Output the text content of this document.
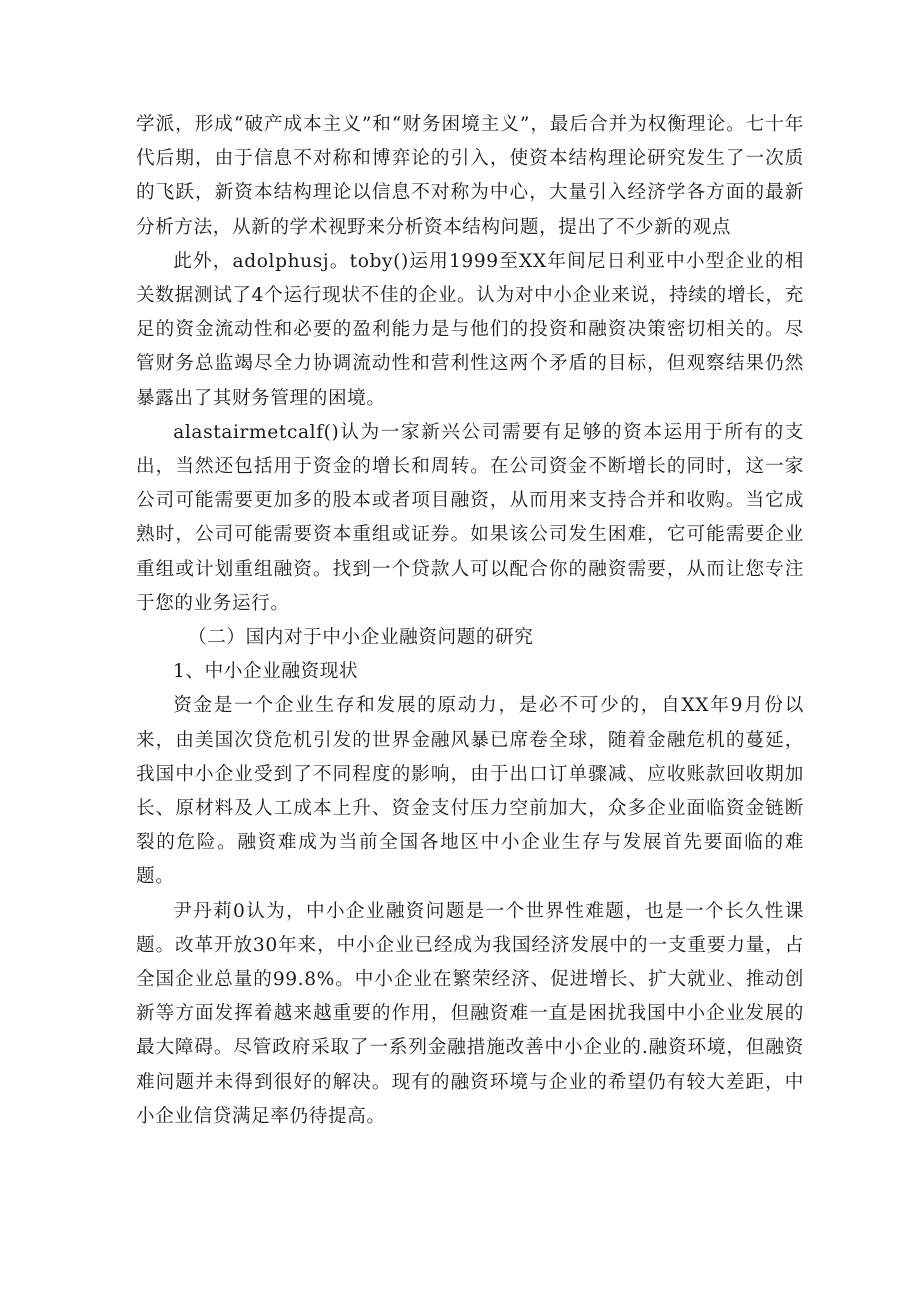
学派，形成“破产成本主义”和“财务困境主义”，最后合并为权衡理论。七十年代后期，由于信息不对称和博弈论的引入，使资本结构理论研究发生了一次质的飞跃，新资本结构理论以信息不对称为中心，大量引入经济学各方面的最新分析方法，从新的学术视野来分析资本结构问题，提出了不少新的观点

此外，adolphusj。toby()运用1999至XX年间尼日利亚中小型企业的相关数据测试了4个运行现状不佳的企业。认为对中小企业来说，持续的增长，充足的资金流动性和必要的盈利能力是与他们的投资和融资决策密切相关的。尽管财务总监竭尽全力协调流动性和营利性这两个矛盾的目标，但观察结果仍然暴露出了其财务管理的困境。

alastairmetcalf()认为一家新兴公司需要有足够的资本运用于所有的支出，当然还包括用于资金的增长和周转。在公司资金不断增长的同时，这一家公司可能需要更加多的股本或者项目融资，从而用来支持合并和收购。当它成熟时，公司可能需要资本重组或证券。如果该公司发生困难，它可能需要企业重组或计划重组融资。找到一个贷款人可以配合你的融资需要，从而让您专注于您的业务运行。

（二）国内对于中小企业融资问题的研究

1、中小企业融资现状

资金是一个企业生存和发展的原动力，是必不可少的，自XX年9月份以来，由美国次贷危机引发的世界金融风暴已席卷全球，随着金融危机的蔓延，我国中小企业受到了不同程度的影响，由于出口订单骤减、应收账款回收期加长、原材料及人工成本上升、资金支付压力空前加大，众多企业面临资金链断裂的危险。融资难成为当前全国各地区中小企业生存与发展首先要面临的难题。

尹丹莉0认为，中小企业融资问题是一个世界性难题，也是一个长久性课题。改革开放30年来，中小企业已经成为我国经济发展中的一支重要力量，占全国企业总量的99.8%。中小企业在繁荣经济、促进增长、扩大就业、推动创新等方面发挥着越来越重要的作用，但融资难一直是困扰我国中小企业发展的最大障碍。尽管政府采取了一系列金融措施改善中小企业的.融资环境，但融资难问题并未得到很好的解决。现有的融资环境与企业的希望仍有较大差距，中小企业信贷满足率仍待提高。
